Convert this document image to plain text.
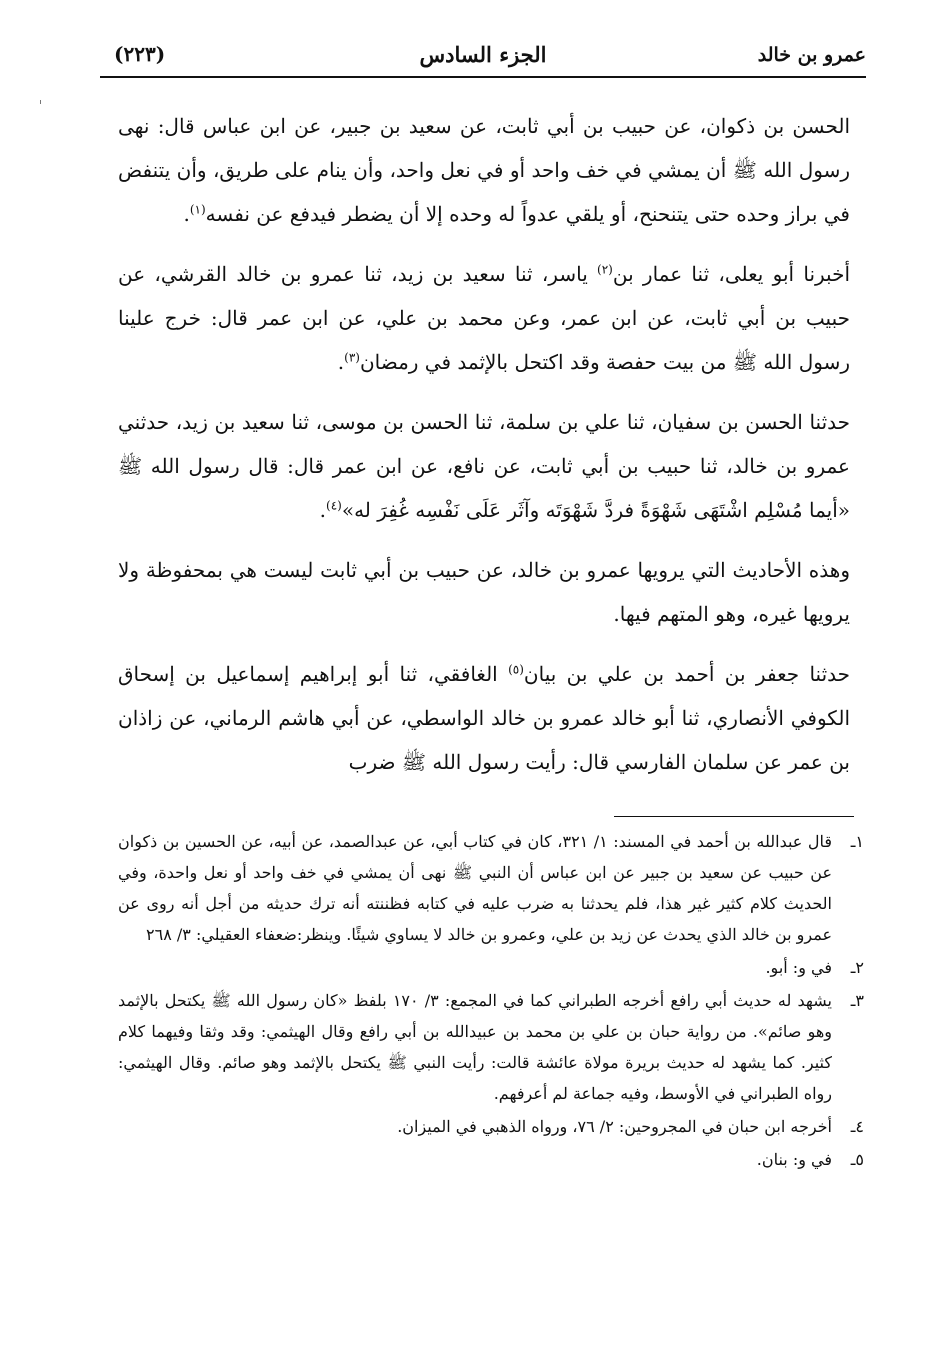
(٢٢٣)	الجزء السادس	عمرو بن خالد

الحسن بن ذكوان، عن حبيب بن أبي ثابت، عن سعيد بن جبير، عن ابن عباس قال: نهى رسول الله ﷺ أن يمشي في خف واحد أو في نعل واحد، وأن ينام على طريق، وأن يتنفض في براز وحده حتى يتنحنح، أو يلقي عدواً له وحده إلا أن يضطر فيدفع عن نفسه$^{(١)}$.

أخبرنا أبو يعلى، ثنا عمار بن$^{(٢)}$ ياسر، ثنا سعيد بن زيد، ثنا عمرو بن خالد القرشي، عن حبيب بن أبي ثابت، عن ابن عمر، وعن محمد بن علي، عن ابن عمر قال: خرج علينا رسول الله ﷺ من بيت حفصة وقد اكتحل بالإثمد في رمضان$^{(٣)}$.

حدثنا الحسن بن سفيان، ثنا علي بن سلمة، ثنا الحسن بن موسى، ثنا سعيد بن زيد، حدثني عمرو بن خالد، ثنا حبيب بن أبي ثابت، عن نافع، عن ابن عمر قال: قال رسول الله ﷺ «أيما مُسْلِم اشْتَهَى شَهْوَةً فردَّ شَهْوَتَه وآثَر عَلَى نَفْسِه غُفِرَ له»$^{(٤)}$.

وهذه الأحاديث التي يرويها عمرو بن خالد، عن حبيب بن أبي ثابت ليست هي بمحفوظة ولا يرويها غيره، وهو المتهم فيها.

حدثنا جعفر بن أحمد بن علي بن بيان$^{(٥)}$ الغافقي، ثنا أبو إبراهيم إسماعيل بن إسحاق الكوفي الأنصاري، ثنا أبو خالد عمرو بن خالد الواسطي، عن أبي هاشم الرماني، عن زاذان بن عمر عن سلمان الفارسي قال: رأيت رسول الله ﷺ ضرب

١ـ
قال عبدالله بن أحمد في المسند: ١/ ٣٢١، كان في كتاب أبي، عن عبدالصمد، عن أبيه، عن الحسين بن ذكوان عن حبيب عن سعيد بن جبير عن ابن عباس أن النبي ﷺ نهى أن يمشي في خف واحد أو نعل واحدة، وفي الحديث كلام كثير غير هذا، فلم يحدثنا به ضرب عليه في كتابه فظننته أنه ترك حديثه من أجل أنه روى عن عمرو بن خالد الذي يحدث عن زيد بن علي، وعمرو بن خالد لا يساوي شيئًا. وينظر:ضعفاء العقيلي: ٣/ ٢٦٨
٢ـ
في و: أبو.
٣ـ
يشهد له حديث أبي رافع أخرجه الطبراني كما في المجمع: ٣/ ١٧٠ بلفظ «كان رسول الله ﷺ يكتحل بالإثمد وهو صائم». من رواية حبان بن علي بن محمد بن عبيدالله بن أبي رافع وقال الهيثمي: وقد وثقا وفيهما كلام كثير. كما يشهد له حديث بريرة مولاة عائشة قالت: رأيت النبي ﷺ يكتحل بالإثمد وهو صائم. وقال الهيثمي: رواه الطبراني في الأوسط، وفيه جماعة لم أعرفهم.
٤ـ
أخرجه ابن حبان في المجروحين: ٢/ ٧٦، ورواه الذهبي في الميزان.
٥ـ
في و: بنان.
